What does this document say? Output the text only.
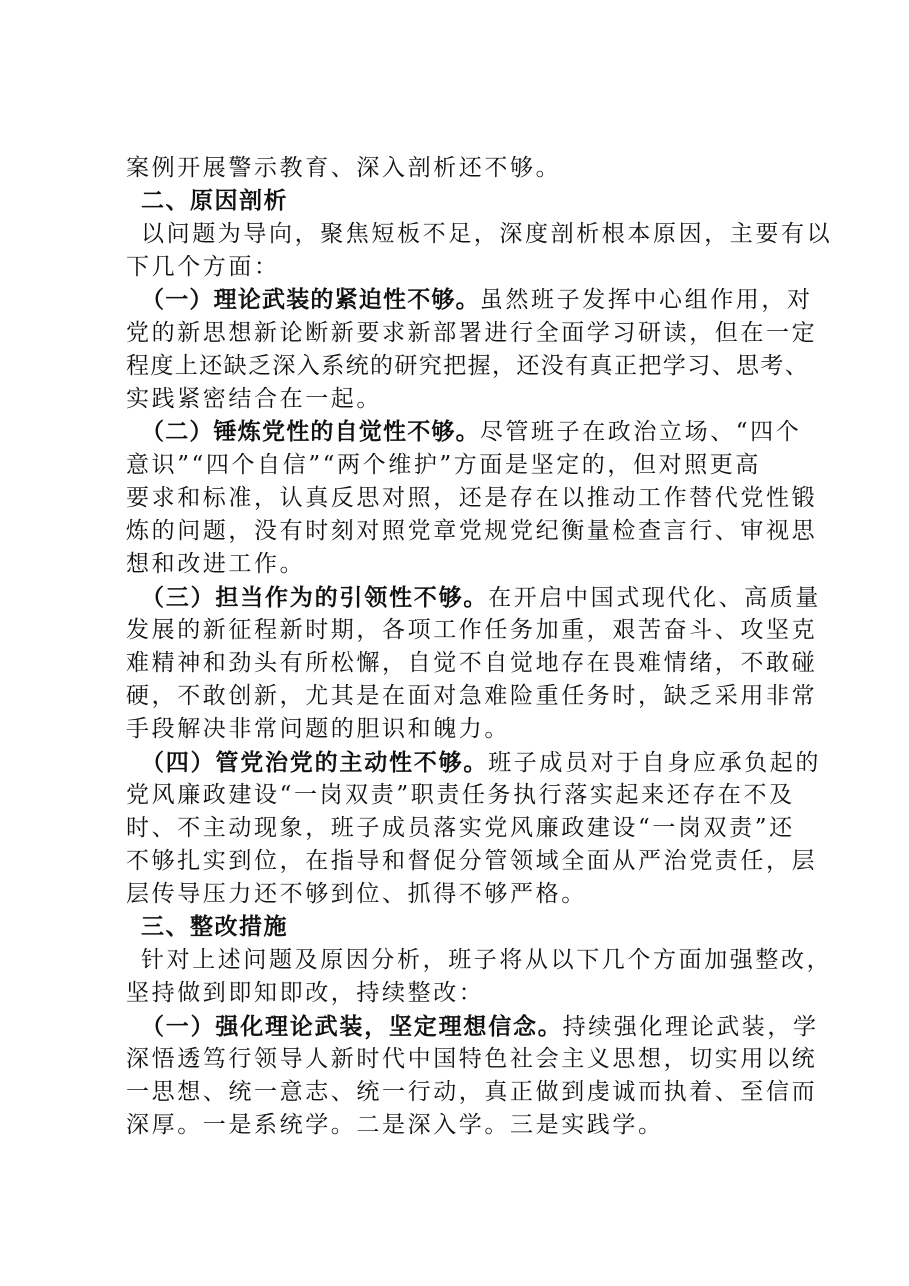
案例开展警示教育、深入剖析还不够。
二、原因剖析
以问题为导向，聚焦短板不足，深度剖析根本原因，主要有以
下几个方面：
（一）理论武装的紧迫性不够。虽然班子发挥中心组作用，对
党的新思想新论断新要求新部署进行全面学习研读，但在一定
程度上还缺乏深入系统的研究把握，还没有真正把学习、思考、
实践紧密结合在一起。
（二）锤炼党性的自觉性不够。尽管班子在政治立场、“四个
意识”“四个自信”“两个维护”方面是坚定的，但对照更高
要求和标准，认真反思对照，还是存在以推动工作替代党性锻
炼的问题，没有时刻对照党章党规党纪衡量检查言行、审视思
想和改进工作。
（三）担当作为的引领性不够。在开启中国式现代化、高质量
发展的新征程新时期，各项工作任务加重，艰苦奋斗、攻坚克
难精神和劲头有所松懈，自觉不自觉地存在畏难情绪，不敢碰
硬，不敢创新，尤其是在面对急难险重任务时，缺乏采用非常
手段解决非常问题的胆识和魄力。
（四）管党治党的主动性不够。班子成员对于自身应承负起的
党风廉政建设“一岗双责”职责任务执行落实起来还存在不及
时、不主动现象，班子成员落实党风廉政建设“一岗双责”还
不够扎实到位，在指导和督促分管领域全面从严治党责任，层
层传导压力还不够到位、抓得不够严格。
三、整改措施
针对上述问题及原因分析，班子将从以下几个方面加强整改，
坚持做到即知即改，持续整改：
（一）强化理论武装，坚定理想信念。持续强化理论武装，学
深悟透笃行领导人新时代中国特色社会主义思想，切实用以统
一思想、统一意志、统一行动，真正做到虔诚而执着、至信而
深厚。一是系统学。二是深入学。三是实践学。
